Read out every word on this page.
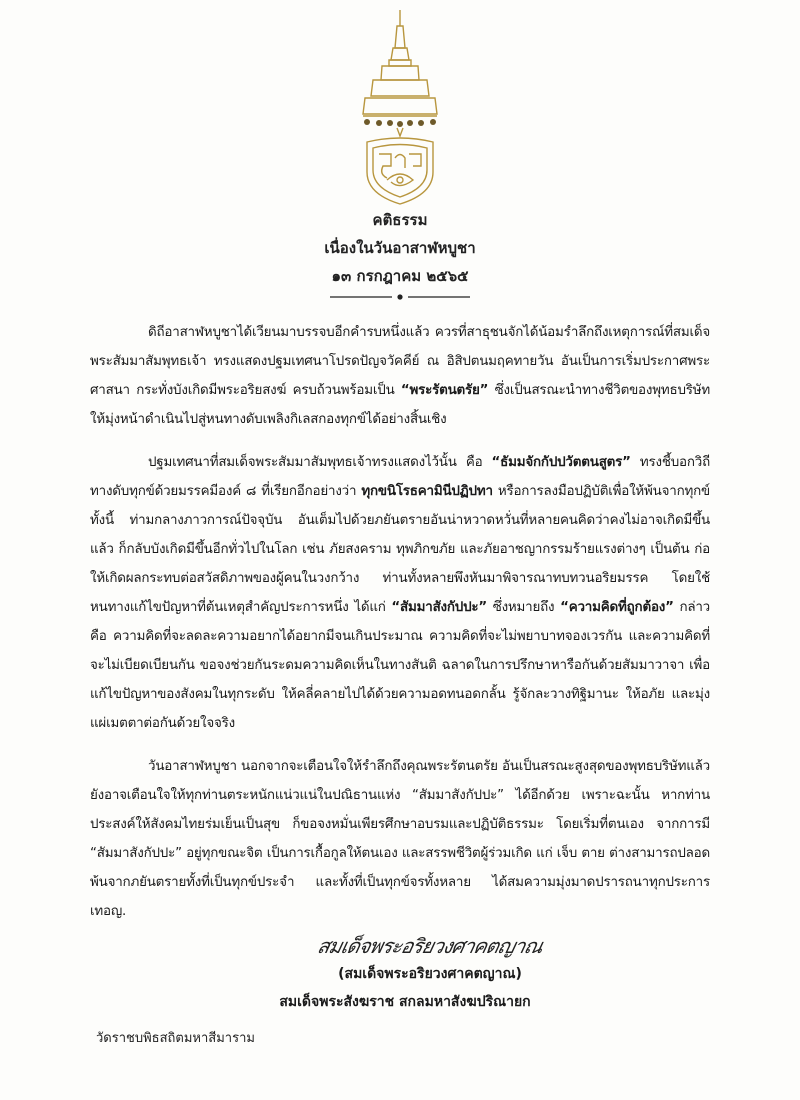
คติธรรม
เนื่องในวันอาสาฬหบูชา
๑๓ กรกฎาคม ๒๕๖๕

ดิถีอาสาฬหบูชาได้เวียนมาบรรจบอีกคำรบหนึ่งแล้ว ควรที่สาธุชนจักได้น้อมรำลึกถึงเหตุการณ์ที่สมเด็จพระสัมมาสัมพุทธเจ้า ทรงแสดงปฐมเทศนาโปรดปัญจวัคคีย์ ณ อิสิปตนมฤคทายวัน อันเป็นการเริ่มประกาศพระศาสนา กระทั่งบังเกิดมีพระอริยสงฆ์ ครบถ้วนพร้อมเป็น “พระรัตนตรัย” ซึ่งเป็นสรณะนำทางชีวิตของพุทธบริษัท ให้มุ่งหน้าดำเนินไปสู่หนทางดับเพลิงกิเลสกองทุกข์ได้อย่างสิ้นเชิง

ปฐมเทศนาที่สมเด็จพระสัมมาสัมพุทธเจ้าทรงแสดงไว้นั้น คือ “ธัมมจักกัปปวัตตนสูตร” ทรงชี้บอกวิถีทางดับทุกข์ด้วยมรรคมีองค์ ๘ ที่เรียกอีกอย่างว่า ทุกขนิโรธคามินีปฏิปทา หรือการลงมือปฏิบัติเพื่อให้พ้นจากทุกข์ ทั้งนี้ ท่ามกลางภาวการณ์ปัจจุบัน อันเต็มไปด้วยภยันตรายอันน่าหวาดหวั่นที่หลายคนคิดว่าคงไม่อาจเกิดมีขึ้นแล้ว ก็กลับบังเกิดมีขึ้นอีกทั่วไปในโลก เช่น ภัยสงคราม ทุพภิกขภัย และภัยอาชญากรรมร้ายแรงต่างๆ เป็นต้น ก่อให้เกิดผลกระทบต่อสวัสดิภาพของผู้คนในวงกว้าง ท่านทั้งหลายพึงหันมาพิจารณาทบทวนอริยมรรค โดยใช้หนทางแก้ไขปัญหาที่ต้นเหตุสำคัญประการหนึ่ง ได้แก่ “สัมมาสังกัปปะ” ซึ่งหมายถึง “ความคิดที่ถูกต้อง” กล่าวคือ ความคิดที่จะลดละความอยากได้อยากมีจนเกินประมาณ ความคิดที่จะไม่พยาบาทจองเวรกัน และความคิดที่จะไม่เบียดเบียนกัน ขอจงช่วยกันระดมความคิดเห็นในทางสันติ ฉลาดในการปรึกษาหารือกันด้วยสัมมาวาจา เพื่อแก้ไขปัญหาของสังคมในทุกระดับ ให้คลี่คลายไปได้ด้วยความอดทนอดกลั้น รู้จักละวางทิฐิมานะ ให้อภัย และมุ่งแผ่เมตตาต่อกันด้วยใจจริง

วันอาสาฬหบูชา นอกจากจะเตือนใจให้รำลึกถึงคุณพระรัตนตรัย อันเป็นสรณะสูงสุดของพุทธบริษัทแล้ว ยังอาจเตือนใจให้ทุกท่านตระหนักแน่วแน่ในปณิธานแห่ง “สัมมาสังกัปปะ” ได้อีกด้วย เพราะฉะนั้น หากท่านประสงค์ให้สังคมไทยร่มเย็นเป็นสุข ก็ขอจงหมั่นเพียรศึกษาอบรมและปฏิบัติธรรมะ โดยเริ่มที่ตนเอง จากการมี “สัมมาสังกัปปะ” อยู่ทุกขณะจิต เป็นการเกื้อกูลให้ตนเอง และสรรพชีวิตผู้ร่วมเกิด แก่ เจ็บ ตาย ต่างสามารถปลอดพ้นจากภยันตรายทั้งที่เป็นทุกข์ประจำ และทั้งที่เป็นทุกข์จรทั้งหลาย ได้สมความมุ่งมาดปรารถนาทุกประการ เทอญ.

สมเด็จพระอริยวงศาคตญาณ
(สมเด็จพระอริยวงศาคตญาณ)
สมเด็จพระสังฆราช สกลมหาสังฆปริณายก
วัดราชบพิธสถิตมหาสีมาราม
